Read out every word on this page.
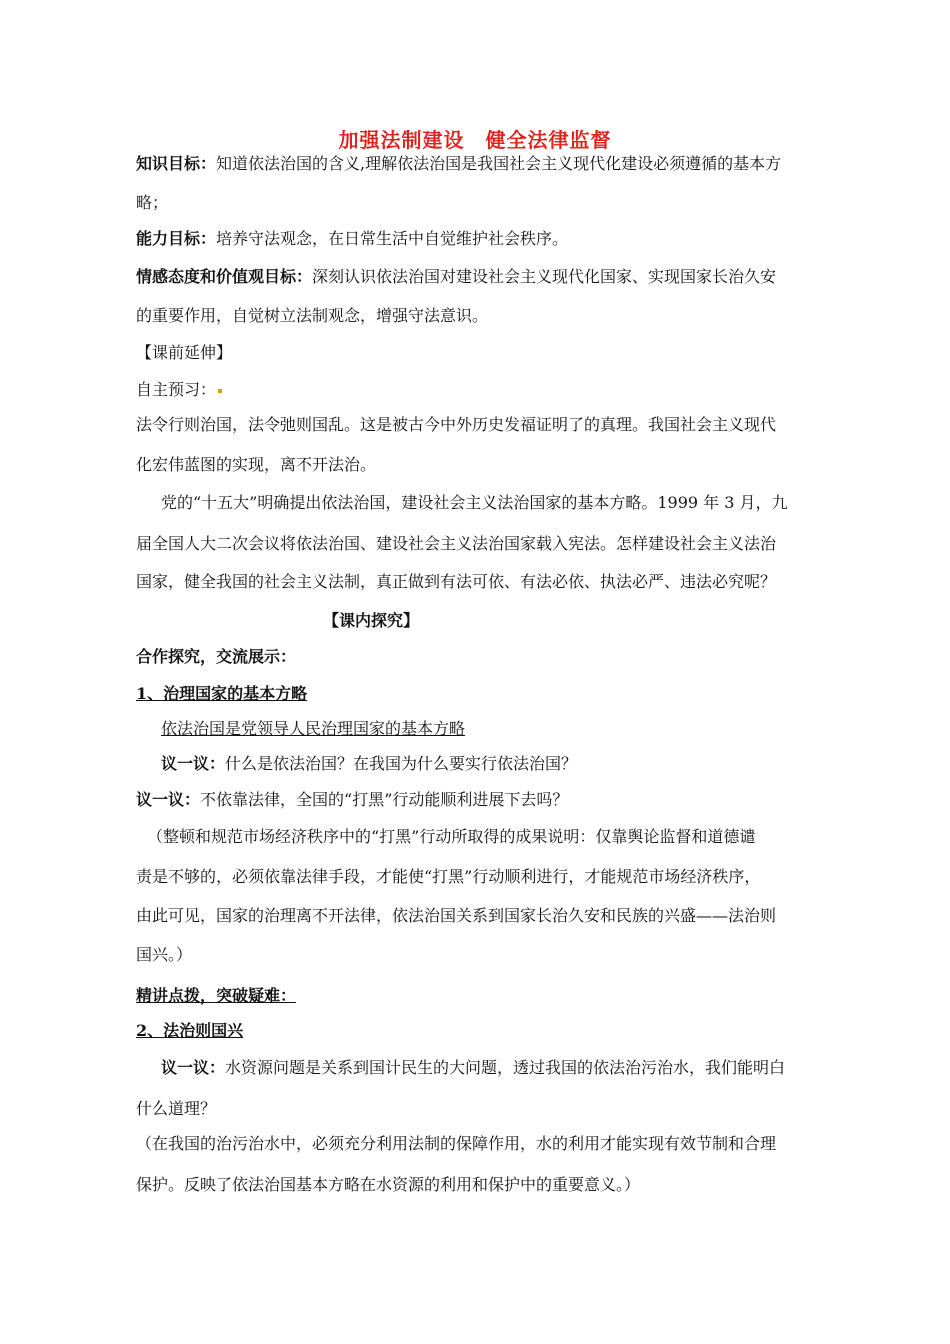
加强法制建设　健全法律监督
知识目标：知道依法治国的含义,理解依法治国是我国社会主义现代化建设必须遵循的基本方
略；
能力目标：培养守法观念，在日常生活中自觉维护社会秩序。
情感态度和价值观目标：深刻认识依法治国对建设社会主义现代化国家、实现国家长治久安
的重要作用，自觉树立法制观念，增强守法意识。
【课前延伸】
自主预习：
法令行则治国，法令弛则国乱。这是被古今中外历史发福证明了的真理。我国社会主义现代
化宏伟蓝图的实现，离不开法治。
党的“十五大”明确提出依法治国，建设社会主义法治国家的基本方略。1999 年 3 月，九
届全国人大二次会议将依法治国、建设社会主义法治国家载入宪法。怎样建设社会主义法治
国家，健全我国的社会主义法制，真正做到有法可依、有法必依、执法必严、违法必究呢？
【课内探究】
合作探究，交流展示：
1、治理国家的基本方略
依法治国是党领导人民治理国家的基本方略
议一议：什么是依法治国？在我国为什么要实行依法治国？
议一议：不依靠法律，全国的“打黑”行动能顺利进展下去吗？
（整顿和规范市场经济秩序中的“打黑”行动所取得的成果说明：仅靠舆论监督和道德谴
责是不够的，必须依靠法律手段，才能使“打黑”行动顺利进行，才能规范市场经济秩序，
由此可见，国家的治理离不开法律，依法治国关系到国家长治久安和民族的兴盛——法治则
国兴。）
精讲点拨，突破疑难：
2、法治则国兴
议一议：水资源问题是关系到国计民生的大问题，透过我国的依法治污治水，我们能明白
什么道理？
（在我国的治污治水中，必须充分利用法制的保障作用，水的利用才能实现有效节制和合理
保护。反映了依法治国基本方略在水资源的利用和保护中的重要意义。）
